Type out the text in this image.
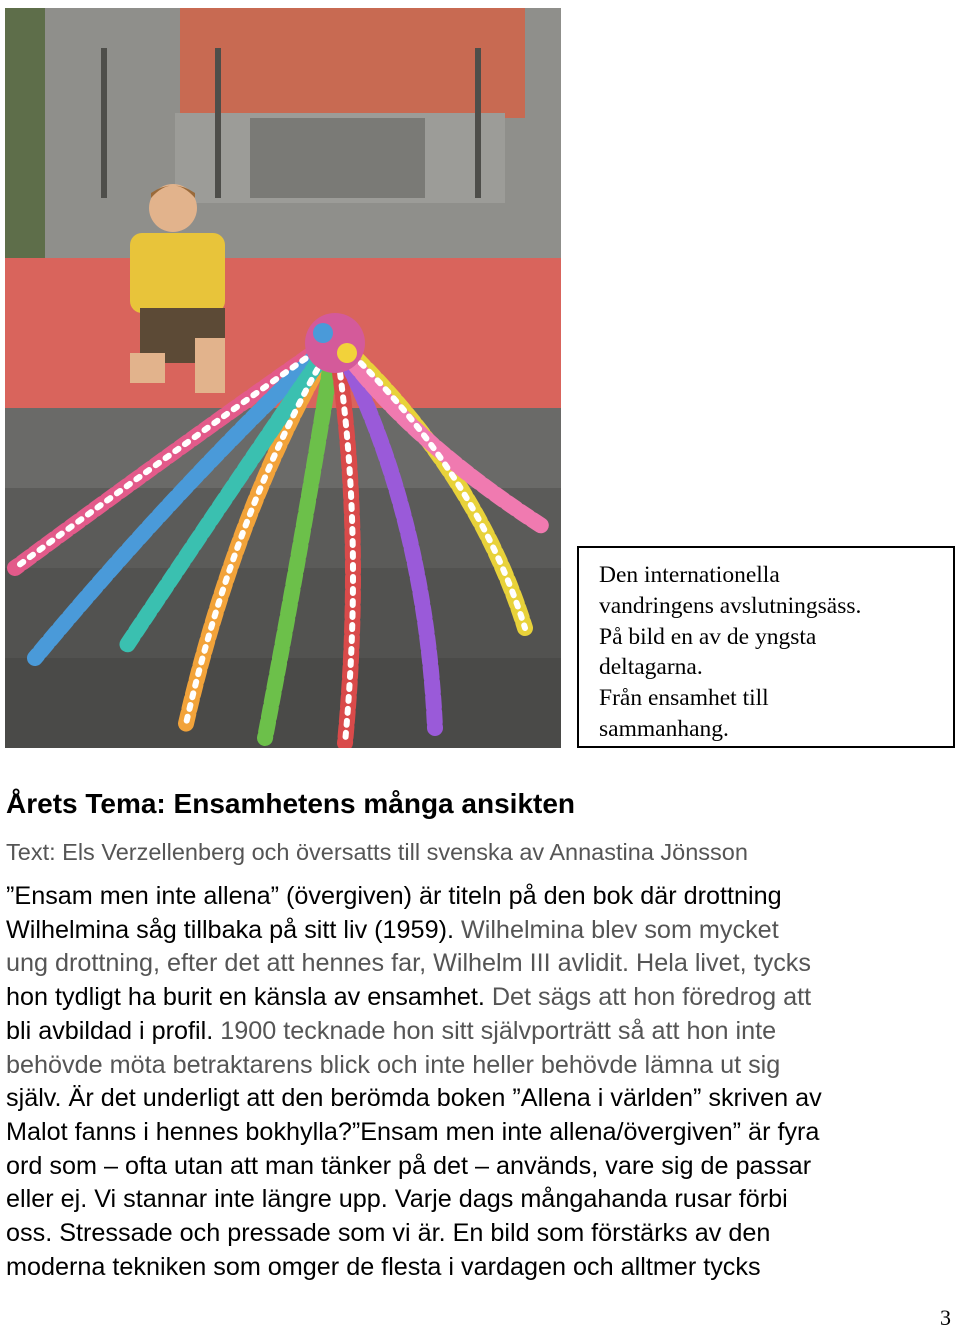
Den internationella
vandringens avslutningsäss.
På bild en av de yngsta
deltagarna.
Från ensamhet till
sammanhang.
Årets Tema: Ensamhetens många ansikten

Text: Els Verzellenberg och översatts till svenska av Annastina Jönsson

”Ensam men inte allena” (övergiven) är titeln på den bok där drottning
Wilhelmina såg tillbaka på sitt liv (1959). Wilhelmina blev som mycket
ung drottning, efter det att hennes far, Wilhelm III avlidit. Hela livet, tycks
hon tydligt ha burit en känsla av ensamhet. Det sägs att hon föredrog att
bli avbildad i profil. 1900 tecknade hon sitt självporträtt så att hon inte
behövde möta betraktarens blick och inte heller behövde lämna ut sig
själv. Är det underligt att den berömda boken ”Allena i världen” skriven av
Malot fanns i hennes bokhylla?”Ensam men inte allena/övergiven” är fyra
ord som – ofta utan att man tänker på det – används, vare sig de passar
eller ej. Vi stannar inte längre upp. Varje dags mångahanda rusar förbi
oss. Stressade och pressade som vi är. En bild som förstärks av den
moderna tekniken som omger de flesta i vardagen och alltmer tycks
3
